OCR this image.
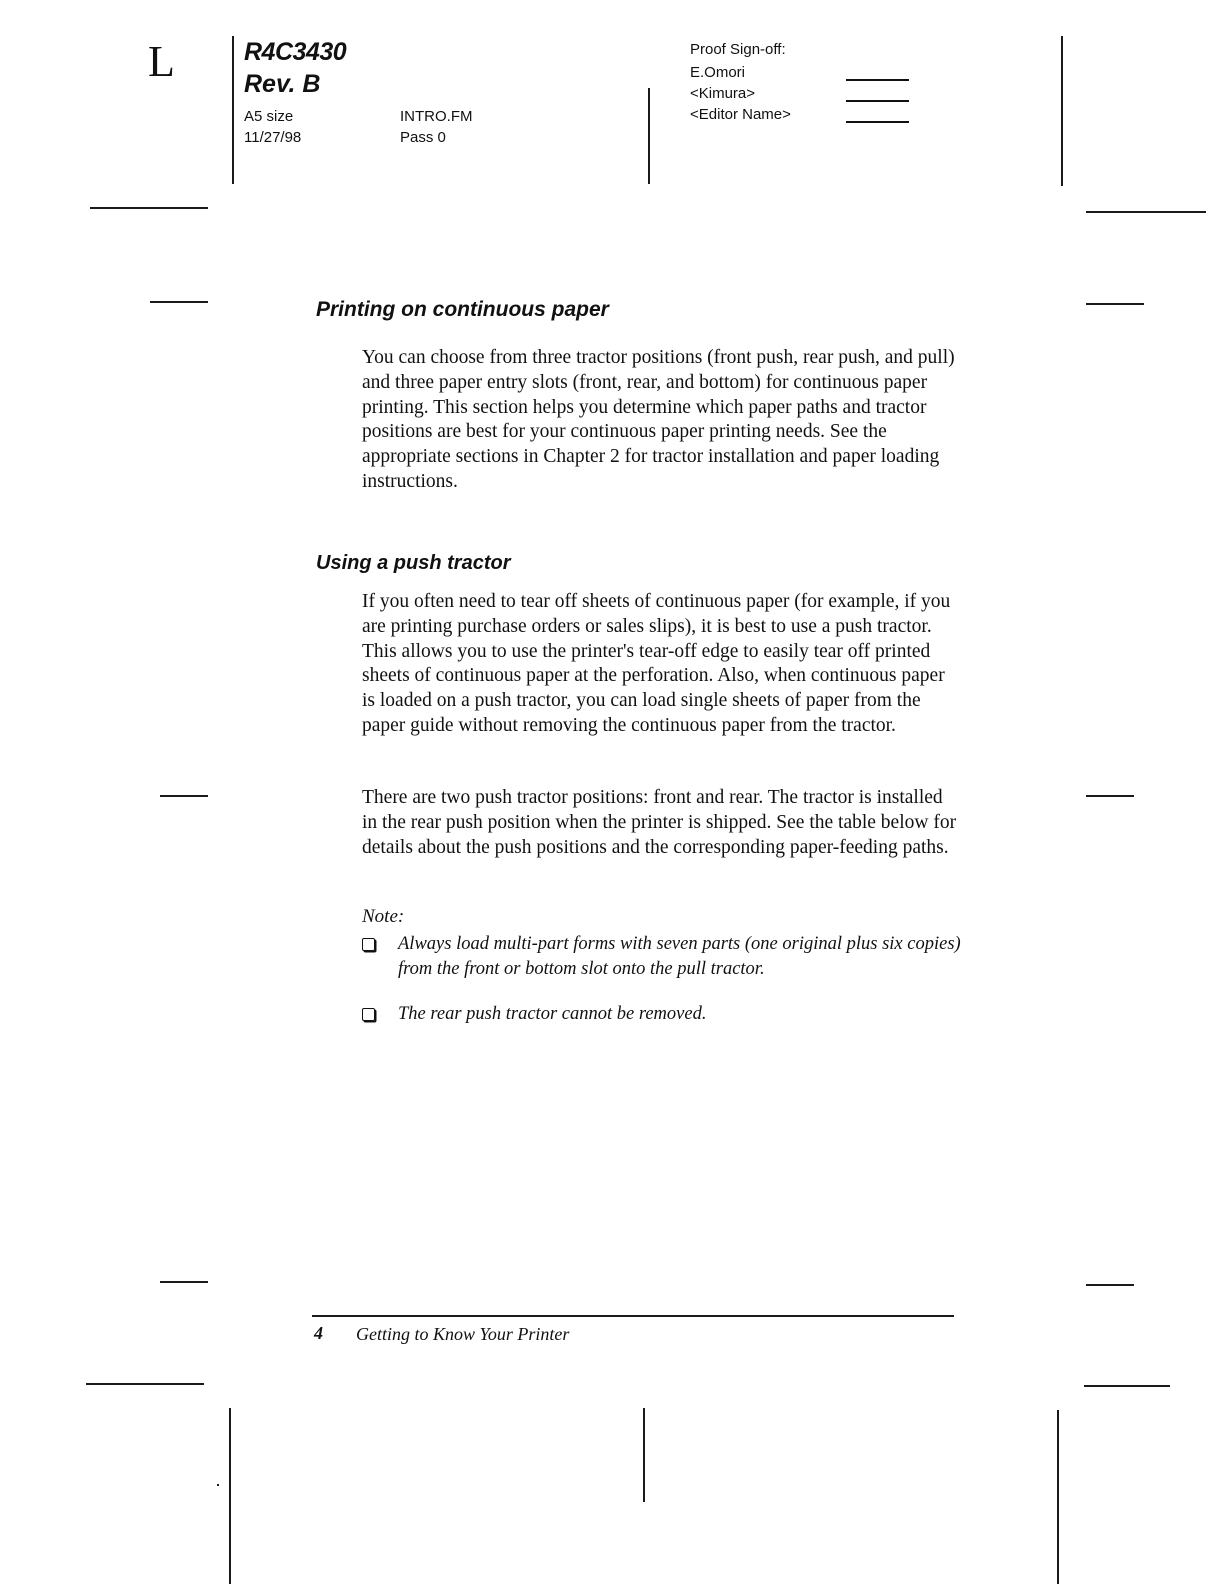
L	R4C3430
Rev. B
A5 size
11/27/98
INTRO.FM
Pass 0
Proof Sign-off:
E.Omori
<Kimura>
<Editor Name>
Printing on continuous paper

You can choose from three tractor positions (front push, rear push, and pull) and three paper entry slots (front, rear, and bottom) for continuous paper printing. This section helps you determine which paper paths and tractor positions are best for your continuous paper printing needs. See the appropriate sections in Chapter 2 for tractor installation and paper loading instructions.

Using a push tractor

If you often need to tear off sheets of continuous paper (for example, if you are printing purchase orders or sales slips), it is best to use a push tractor. This allows you to use the printer's tear-off edge to easily tear off printed sheets of continuous paper at the perforation. Also, when continuous paper is loaded on a push tractor, you can load single sheets of paper from the paper guide without removing the continuous paper from the tractor.

There are two push tractor positions: front and rear. The tractor is installed in the rear push position when the printer is shipped. See the table below for details about the push positions and the corresponding paper-feeding paths.

Note:
Always load multi-part forms with seven parts (one original plus six copies) from the front or bottom slot onto the pull tractor.
The rear push tractor cannot be removed.
4 Getting to Know Your Printer
